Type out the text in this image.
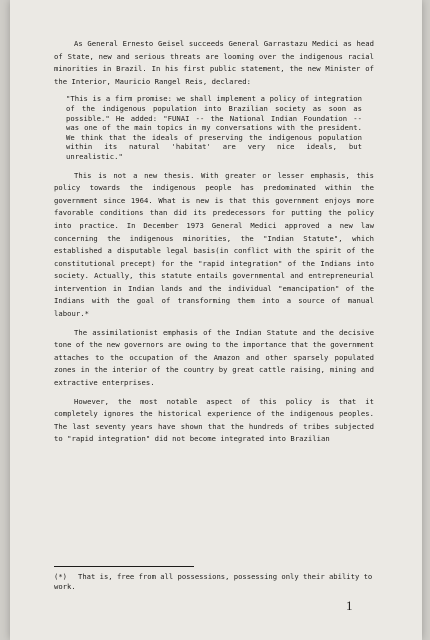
As General Ernesto Geisel succeeds General Garrastazu Medici as head of State, new and serious threats are looming over the indigenous racial minorities in Brazil. In his first public statement, the new Minister of the Interior, Mauricio Rangel Reis, declared:

"This is a firm promise: we shall implement a policy of integration of the indigenous population into Brazilian society as soon as possible." He added: "FUNAI -- the National Indian Foundation -- was one of the main topics in my conversations with the president. We think that the ideals of preserving the indigenous population within its natural 'habitat' are very nice ideals, but unrealistic."

This is not a new thesis. With greater or lesser emphasis, this policy towards the indigenous people has predominated within the government since 1964. What is new is that this government enjoys more favorable conditions than did its predecessors for putting the policy into practice. In December 1973 General Medici approved a new law concerning the indigenous minorities, the "Indian Statute", which established a disputable legal basis(in conflict with the spirit of the constitutional precept) for the "rapid integration" of the Indians into society. Actually, this statute entails governmental and entrepreneurial intervention in Indian lands and the individual "emancipation" of the Indians with the goal of transforming them into a source of manual labour.*

The assimilationist emphasis of the Indian Statute and the decisive tone of the new governors are owing to the importance that the government attaches to the occupation of the Amazon and other sparsely populated zones in the interior of the country by great cattle raising, mining and extractive enterprises.

However, the most notable aspect of this policy is that it completely ignores the historical experience of the indigenous peoples. The last seventy years have shown that the hundreds of tribes subjected to "rapid integration" did not become integrated into Brazilian

(*) That is, free from all possessions, possessing only their ability to work.
1
